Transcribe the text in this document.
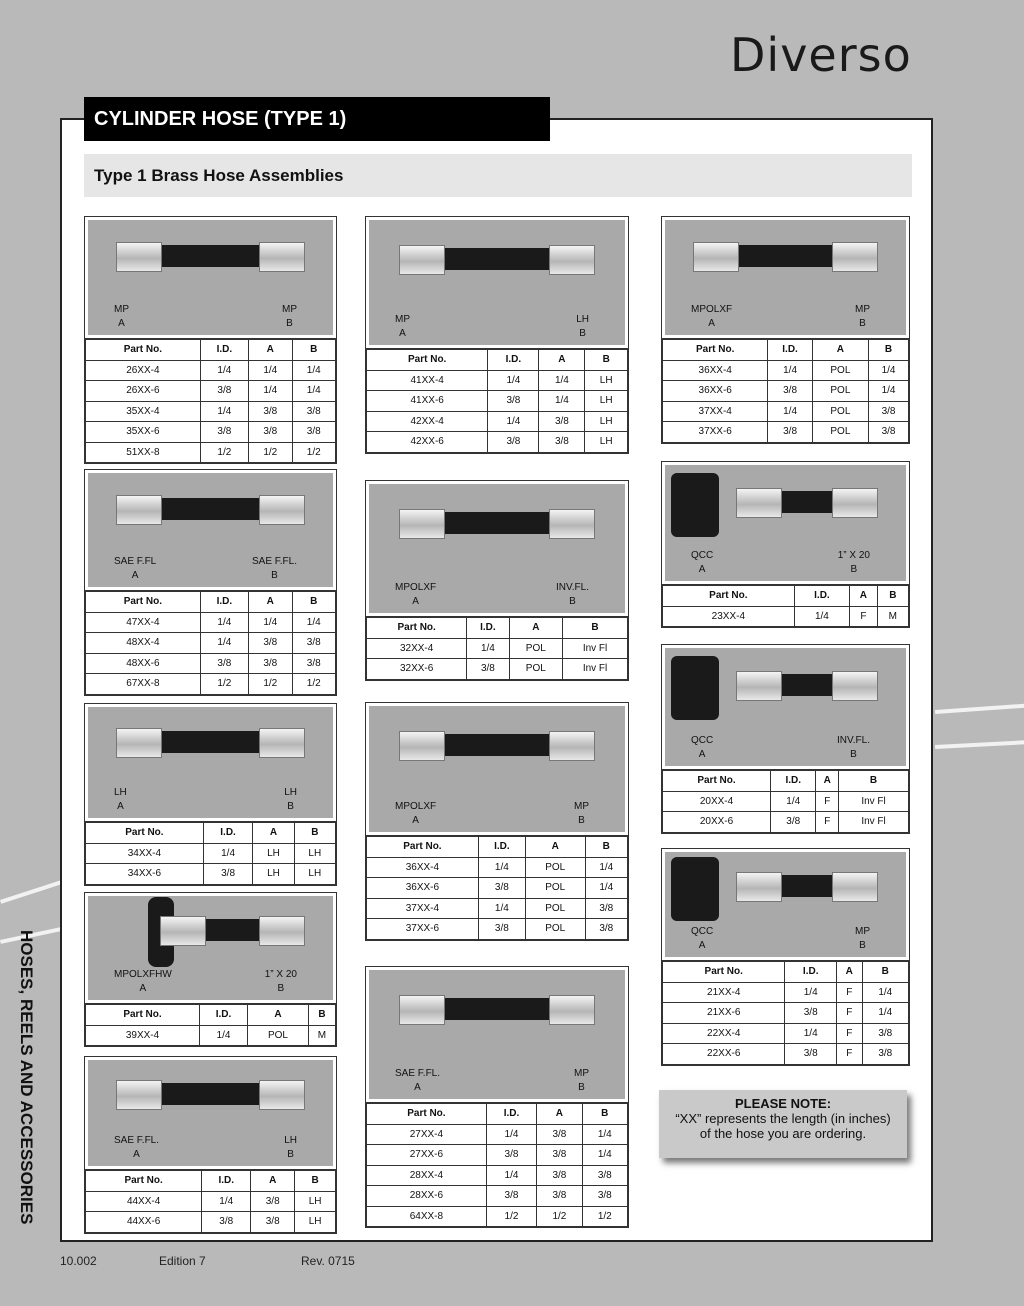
Diverso
CYLINDER HOSE (TYPE 1)
Type 1 Brass Hose Assemblies
MP
A
MP
B
Part No.	I.D.	A	B
26XX-4	1/4	1/4	1/4
26XX-6	3/8	1/4	1/4
35XX-4	1/4	3/8	3/8
35XX-6	3/8	3/8	3/8
51XX-8	1/2	1/2	1/2
SAE F.FL
A
SAE F.FL.
B
Part No.	I.D.	A	B
47XX-4	1/4	1/4	1/4
48XX-4	1/4	3/8	3/8
48XX-6	3/8	3/8	3/8
67XX-8	1/2	1/2	1/2
LH
A
LH
B
Part No.	I.D.	A	B
34XX-4	1/4	LH	LH
34XX-6	3/8	LH	LH
MPOLXFHW
A
1” X 20
B
Part No.	I.D.	A	B
39XX-4	1/4	POL	M
SAE F.FL.
A
LH
B
Part No.	I.D.	A	B
44XX-4	1/4	3/8	LH
44XX-6	3/8	3/8	LH
MP
A
LH
B
Part No.	I.D.	A	B
41XX-4	1/4	1/4	LH
41XX-6	3/8	1/4	LH
42XX-4	1/4	3/8	LH
42XX-6	3/8	3/8	LH
MPOLXF
A
INV.FL.
B
Part No.	I.D.	A	B
32XX-4	1/4	POL	Inv Fl
32XX-6	3/8	POL	Inv Fl
MPOLXF
A
MP
B
Part No.	I.D.	A	B
36XX-4	1/4	POL	1/4
36XX-6	3/8	POL	1/4
37XX-4	1/4	POL	3/8
37XX-6	3/8	POL	3/8
SAE F.FL.
A
MP
B
Part No.	I.D.	A	B
27XX-4	1/4	3/8	1/4
27XX-6	3/8	3/8	1/4
28XX-4	1/4	3/8	3/8
28XX-6	3/8	3/8	3/8
64XX-8	1/2	1/2	1/2
MPOLXF
A
MP
B
Part No.	I.D.	A	B
36XX-4	1/4	POL	1/4
36XX-6	3/8	POL	1/4
37XX-4	1/4	POL	3/8
37XX-6	3/8	POL	3/8
QCC
A
1” X 20
B
Part No.	I.D.	A	B
23XX-4	1/4	F	M
QCC
A
INV.FL.
B
Part No.	I.D.	A	B
20XX-4	1/4	F	Inv Fl
20XX-6	3/8	F	Inv Fl
QCC
A
MP
B
Part No.	I.D.	A	B
21XX-4	1/4	F	1/4
21XX-6	3/8	F	1/4
22XX-4	1/4	F	3/8
22XX-6	3/8	F	3/8
PLEASE NOTE:
“XX” represents the length (in inches)
of the hose you are ordering.
HOSES, REELS AND ACCESSORIES
10.002	Edition 7	Rev. 0715
